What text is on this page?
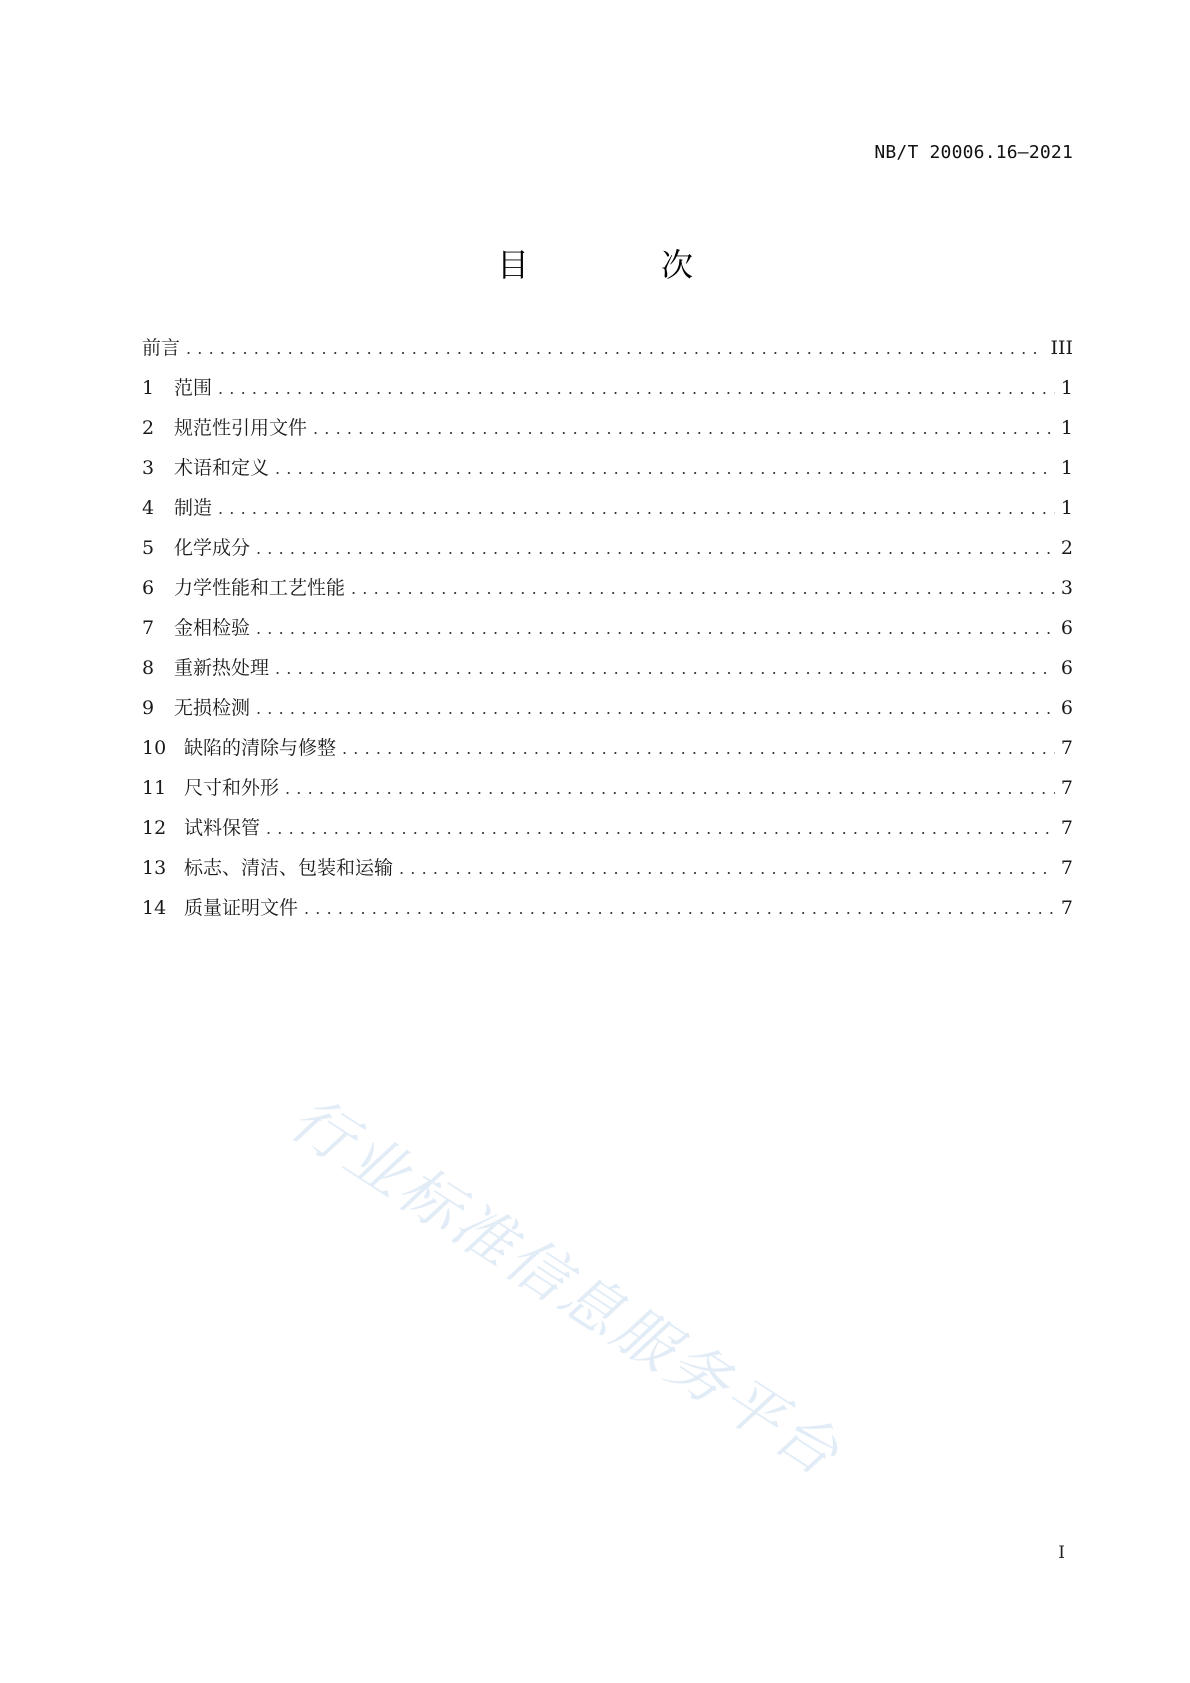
NB/T 20006.16—2021
目　次
前言 .....	III
1	范围 .....	1
2	规范性引用文件 .....	1
3	术语和定义 .....	1
4	制造 .....	1
5	化学成分 .....	2
6	力学性能和工艺性能 .....	3
7	金相检验 .....	6
8	重新热处理 .....	6
9	无损检测 .....	6
10 缺陷的清除与修整 .....	7
11 尺寸和外形 .....	7
12 试料保管 .....	7
13 标志、清洁、包装和运输 .....	7
14 质量证明文件 .....	7
行业标准信息服务平台
I
